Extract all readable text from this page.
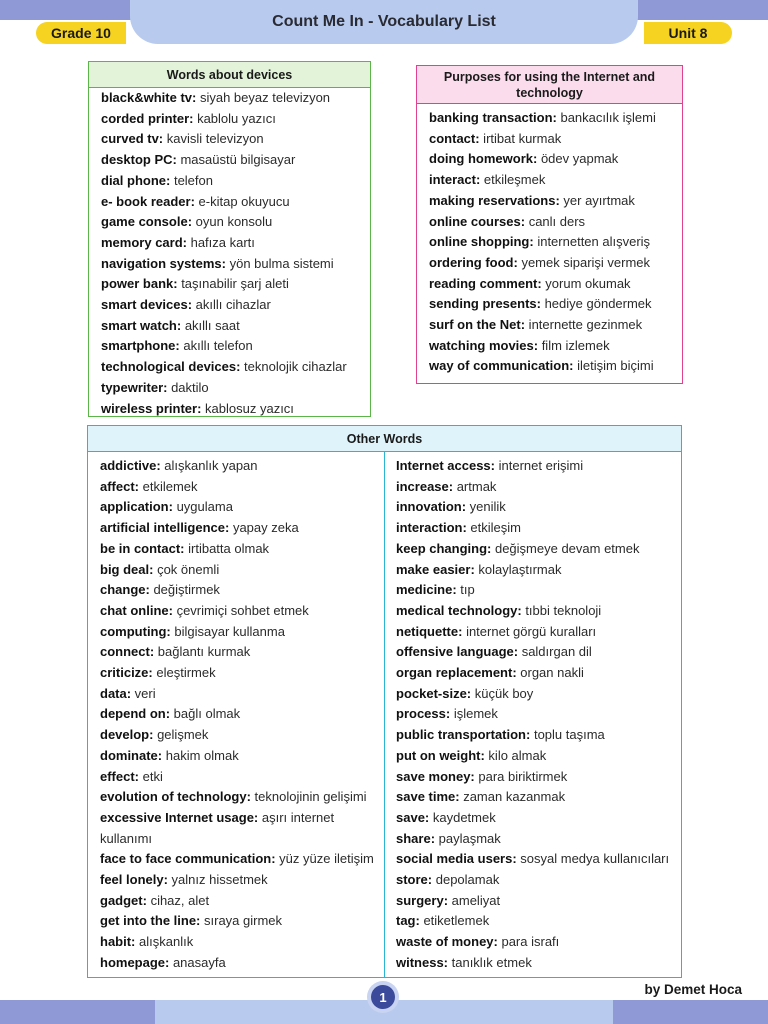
Count Me In - Vocabulary List
Grade 10	Unit 8
Words about devices
black&white tv: siyah beyaz televizyon
corded printer: kablolu yazıcı
curved tv: kavisli televizyon
desktop PC: masaüstü bilgisayar
dial phone: telefon
e- book reader: e-kitap okuyucu
game console: oyun konsolu
memory card: hafıza kartı
navigation systems: yön bulma sistemi
power bank: taşınabilir şarj aleti
smart devices: akıllı cihazlar
smart watch: akıllı saat
smartphone: akıllı telefon
technological devices: teknolojik cihazlar
typewriter: daktilo
wireless printer: kablosuz yazıcı
Purposes for using the Internet and technology
banking transaction: bankacılık işlemi
contact: irtibat kurmak
doing homework: ödev yapmak
interact: etkileşmek
making reservations: yer ayırtmak
online courses: canlı ders
online shopping: internetten alışveriş
ordering food: yemek siparişi vermek
reading comment: yorum okumak
sending presents: hediye göndermek
surf on the Net: internette gezinmek
watching movies: film izlemek
way of communication: iletişim biçimi
Other Words
addictive: alışkanlık yapan
affect: etkilemek
application: uygulama
artificial intelligence: yapay zeka
be in contact: irtibatta olmak
big deal: çok önemli
change: değiştirmek
chat online: çevrimiçi sohbet etmek
computing: bilgisayar kullanma
connect: bağlantı kurmak
criticize: eleştirmek
data: veri
depend on: bağlı olmak
develop: gelişmek
dominate: hakim olmak
effect: etki
evolution of technology: teknolojinin gelişimi
excessive Internet usage: aşırı internet kullanımı
face to face communication: yüz yüze iletişim
feel lonely: yalnız hissetmek
gadget: cihaz, alet
get into the line: sıraya girmek
habit: alışkanlık
homepage: anasayfa
Internet access: internet erişimi
increase: artmak
innovation: yenilik
interaction: etkileşim
keep changing: değişmeye devam etmek
make easier: kolaylaştırmak
medicine: tıp
medical technology: tıbbi teknoloji
netiquette: internet görgü kuralları
offensive language: saldırgan dil
organ replacement: organ nakli
pocket-size: küçük boy
process: işlemek
public transportation: toplu taşıma
put on weight: kilo almak
save money: para biriktirmek
save time: zaman kazanmak
save: kaydetmek
share: paylaşmak
social media users: sosyal medya kullanıcıları
store: depolamak
surgery: ameliyat
tag: etiketlemek
waste of money: para israfı
witness: tanıklık etmek
1	by Demet Hoca
